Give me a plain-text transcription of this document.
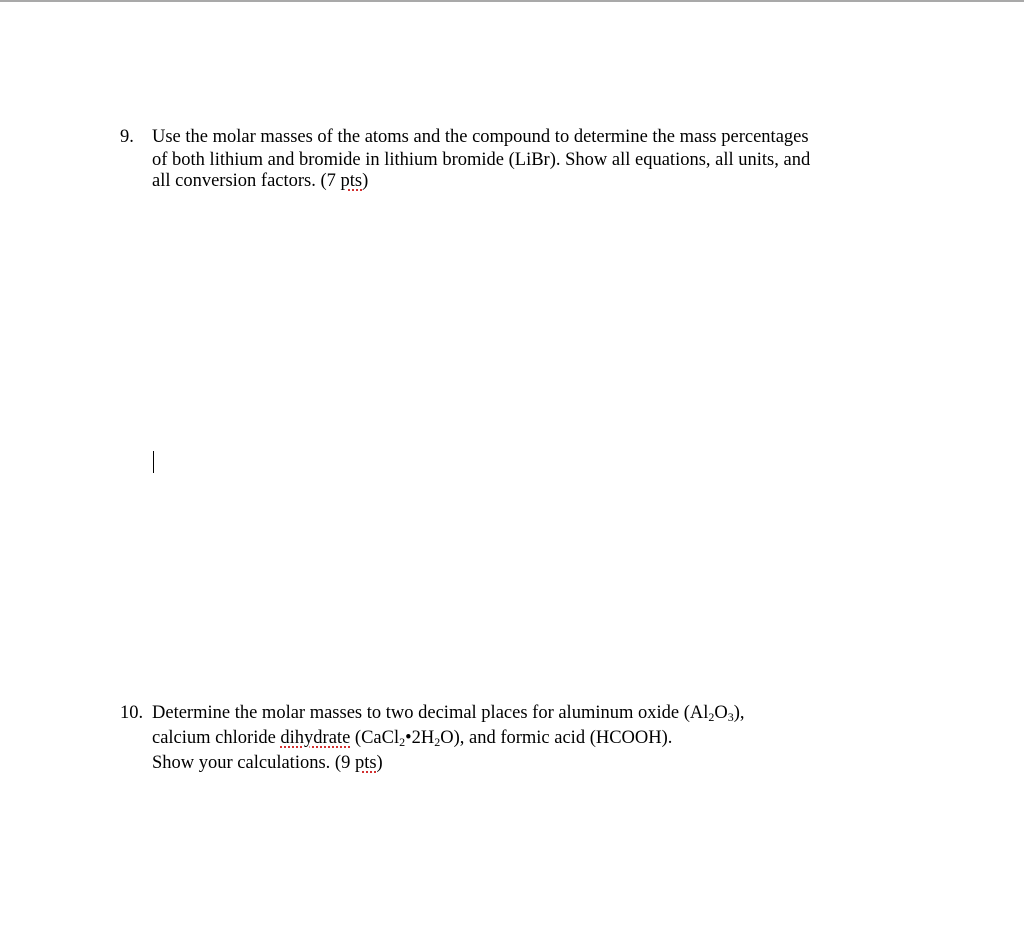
9. Use the molar masses of the atoms and the compound to determine the mass percentages
of both lithium and bromide in lithium bromide (LiBr). Show all equations, all units, and
all conversion factors. (7 pts)
10. Determine the molar masses to two decimal places for aluminum oxide $(Al_2O_3)$,
calcium chloride dihydrate $(CaCl_2•2H_2O)$, and formic acid (HCOOH).
Show your calculations. (9 pts)
